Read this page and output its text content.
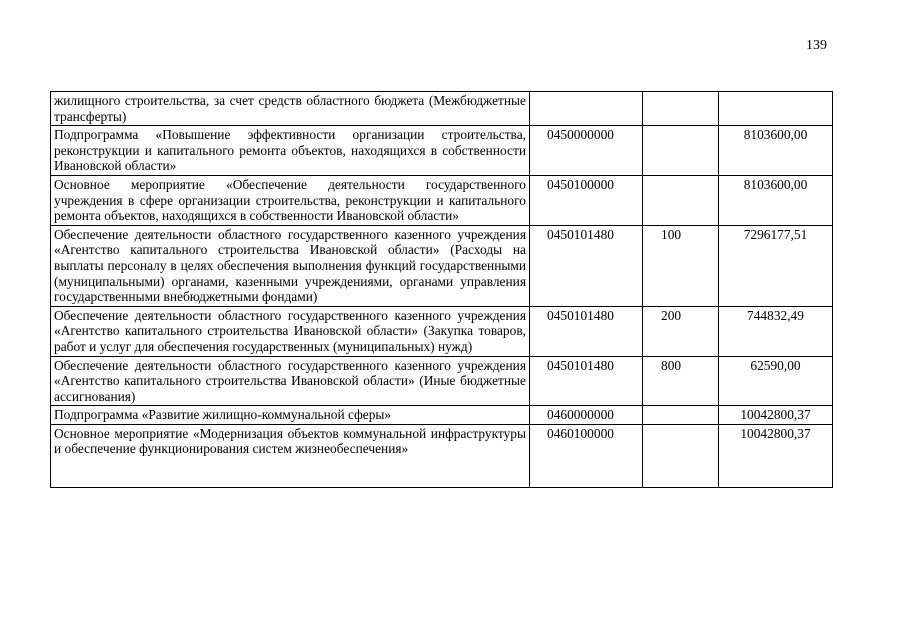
139
жилищного строительства, за счет средств областного бюджета (Межбюджетные трансферты)			
Подпрограмма «Повышение эффективности организации строительства, реконструкции и капитального ремонта объектов, находящихся в собственности Ивановской области»	0450000000		8103600,00
Основное мероприятие «Обеспечение деятельности государственного учреждения в сфере организации строительства, реконструкции и капитального ремонта объектов, находящихся в собственности Ивановской области»	0450100000		8103600,00
Обеспечение деятельности областного государственного казенного учреждения «Агентство капитального строительства Ивановской области» (Расходы на выплаты персоналу в целях обеспечения выполнения функций государственными (муниципальными) органами, казенными учреждениями, органами управления государственными внебюджетными фондами)	0450101480	100	7296177,51
Обеспечение деятельности областного государственного казенного учреждения «Агентство капитального строительства Ивановской области» (Закупка товаров, работ и услуг для обеспечения государственных (муниципальных) нужд)	0450101480	200	744832,49
Обеспечение деятельности областного государственного казенного учреждения «Агентство капитального строительства Ивановской области» (Иные бюджетные ассигнования)	0450101480	800	62590,00
Подпрограмма «Развитие жилищно-коммунальной сферы»	0460000000		10042800,37
Основное мероприятие «Модернизация объектов коммунальной инфраструктуры и обеспечение функционирования систем жизнеобеспечения»	0460100000		10042800,37
